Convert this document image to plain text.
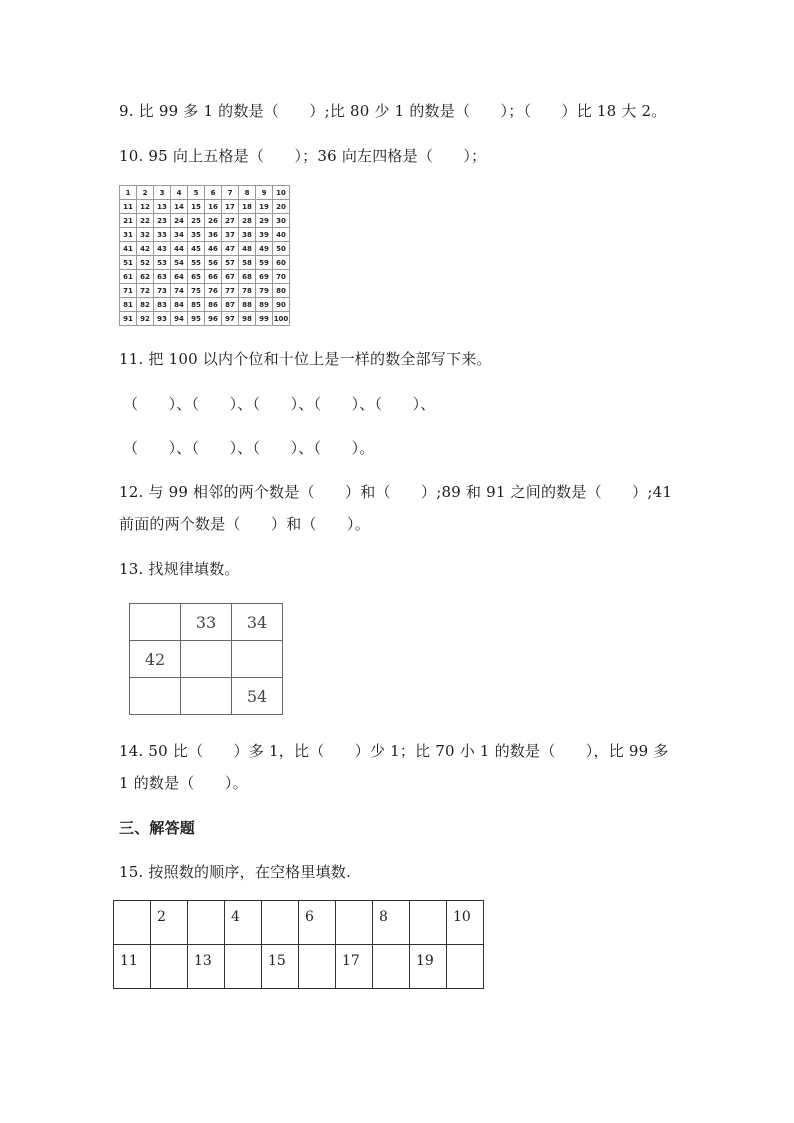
9. 比 99 多 1 的数是（　　）;比 80 少 1 的数是（　　）；（　　）比 18 大 2。
10. 95 向上五格是（　　）；36 向左四格是（　　）；
1	2	3	4	5	6	7	8	9	10
11	12	13	14	15	16	17	18	19	20
21	22	23	24	25	26	27	28	29	30
31	32	33	34	35	36	37	38	39	40
41	42	43	44	45	46	47	48	49	50
51	52	53	54	55	56	57	58	59	60
61	62	63	64	65	66	67	68	69	70
71	72	73	74	75	76	77	78	79	80
81	82	83	84	85	86	87	88	89	90
91	92	93	94	95	96	97	98	99	100
11. 把 100 以内个位和十位上是一样的数全部写下来。
（　　）、（　　）、（　　）、（　　）、（　　）、
（　　）、（　　）、（　　）、（　　）。
12. 与 99 相邻的两个数是（　　）和（　　）;89 和 91 之间的数是（　　）;41
前面的两个数是（　　）和（　　）。
13. 找规律填数。
	33	34
42		
		54
14. 50 比（　　）多 1，比（　　）少 1；比 70 小 1 的数是（　　），比 99 多
1 的数是（　　）。
三、解答题
15. 按照数的顺序，在空格里填数.
	2		4		6		8		10
11		13		15		17		19	
